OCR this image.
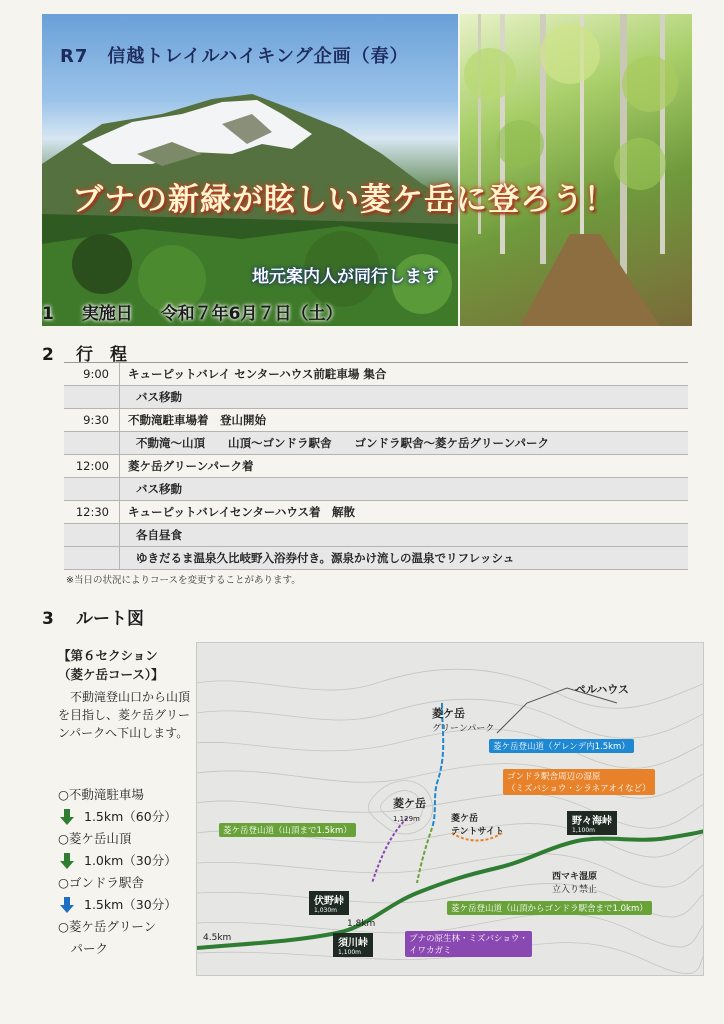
R7　信越トレイルハイキング企画（春）
ブナの新緑が眩しい菱ケ岳に登ろう！
地元案内人が同行します
1 実施日 令和７年6月７日（土）
2 行　程
9:00	キューピットバレイ センターハウス前駐車場 集合
バス移動
9:30	不動滝駐車場着　登山開始
不動滝～山頂　　山頂～ゴンドラ駅舎　　ゴンドラ駅舎～菱ケ岳グリーンパーク
12:00	菱ケ岳グリーンパーク着
バス移動
12:30	キューピットバレイセンターハウス着　解散
各自昼食
ゆきだるま温泉久比岐野入浴券付き。源泉かけ流しの温泉でリフレッシュ
※当日の状況によりコースを変更することがあります。
3 ルート図
【第６セクション
（菱ケ岳コース）】
不動滝登山口から山頂を目指し、菱ケ岳グリーンパークへ下山します。
○不動滝駐車場
1.5km（60分）
○菱ケ岳山頂
1.0km（30分）
○ゴンドラ駅舎
1.5km（30分）
○菱ケ岳グリーン
　パーク
菱ケ岳
グリーンパーク
ペルハウス
菱ケ岳登山道（ゲレンデ内1.5km）
ゴンドラ駅舎周辺の湿原
（ミズバショウ・シラネアオイなど）
菱ケ岳
1,129m	菱ケ岳
テントサイト
菱ケ岳登山道（山頂まで1.5km）
野々海峠
1,100m
西マキ湿原
立入り禁止
伏野峠
1,030m	菱ケ岳登山道（山頂からゴンドラ駅舎まで1.0km）
須川峠
1,100m
ブナの原生林・ミズバショウ・
イワカガミ
4.5km
1.8km
